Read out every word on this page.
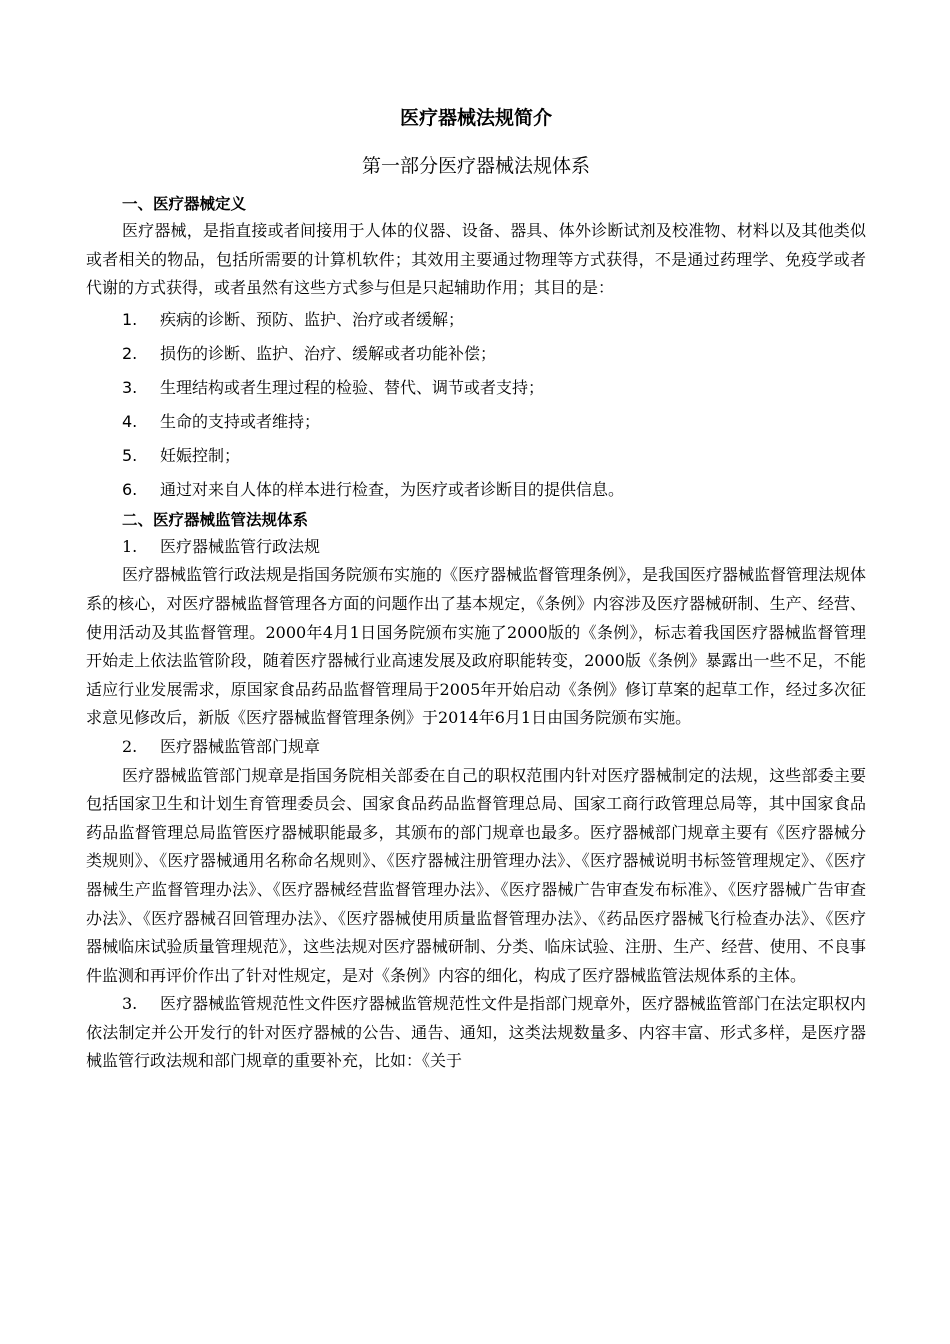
医疗器械法规简介
第一部分医疗器械法规体系
一、医疗器械定义

医疗器械，是指直接或者间接用于人体的仪器、设备、器具、体外诊断试剂及校准物、材料以及其他类似或者相关的物品，包括所需要的计算机软件；其效用主要通过物理等方式获得，不是通过药理学、免疫学或者代谢的方式获得，或者虽然有这些方式参与但是只起辅助作用；其目的是：

1.	疾病的诊断、预防、监护、治疗或者缓解；
2.	损伤的诊断、监护、治疗、缓解或者功能补偿；
3.	生理结构或者生理过程的检验、替代、调节或者支持；
4.	生命的支持或者维持；
5.	妊娠控制；
6.	通过对来自人体的样本进行检查，为医疗或者诊断目的提供信息。
二、医疗器械监管法规体系
1.	医疗器械监管行政法规

医疗器械监管行政法规是指国务院颁布实施的《医疗器械监督管理条例》，是我国医疗器械监督管理法规体系的核心，对医疗器械监督管理各方面的问题作出了基本规定，《条例》内容涉及医疗器械研制、生产、经营、使用活动及其监督管理。2000年4月1日国务院颁布实施了2000版的《条例》，标志着我国医疗器械监督管理开始走上依法监管阶段，随着医疗器械行业高速发展及政府职能转变，2000版《条例》暴露出一些不足，不能适应行业发展需求，原国家食品药品监督管理局于2005年开始启动《条例》修订草案的起草工作，经过多次征求意见修改后，新版《医疗器械监督管理条例》于2014年6月1日由国务院颁布实施。

2.	医疗器械监管部门规章

医疗器械监管部门规章是指国务院相关部委在自己的职权范围内针对医疗器械制定的法规，这些部委主要包括国家卫生和计划生育管理委员会、国家食品药品监督管理总局、国家工商行政管理总局等，其中国家食品药品监督管理总局监管医疗器械职能最多，其颁布的部门规章也最多。医疗器械部门规章主要有《医疗器械分类规则》、《医疗器械通用名称命名规则》、《医疗器械注册管理办法》、《医疗器械说明书标签管理规定》、《医疗器械生产监督管理办法》、《医疗器械经营监督管理办法》、《医疗器械广告审查发布标准》、《医疗器械广告审查办法》、《医疗器械召回管理办法》、《医疗器械使用质量监督管理办法》、《药品医疗器械飞行检查办法》、《医疗器械临床试验质量管理规范》，这些法规对医疗器械研制、分类、临床试验、注册、生产、经营、使用、不良事件监测和再评价作出了针对性规定，是对《条例》内容的细化，构成了医疗器械监管法规体系的主体。

3. 医疗器械监管规范性文件医疗器械监管规范性文件是指部门规章外，医疗器械监管部门在法定职权内依法制定并公开发行的针对医疗器械的公告、通告、通知，这类法规数量多、内容丰富、形式多样，是医疗器械监管行政法规和部门规章的重要补充，比如：《关于
